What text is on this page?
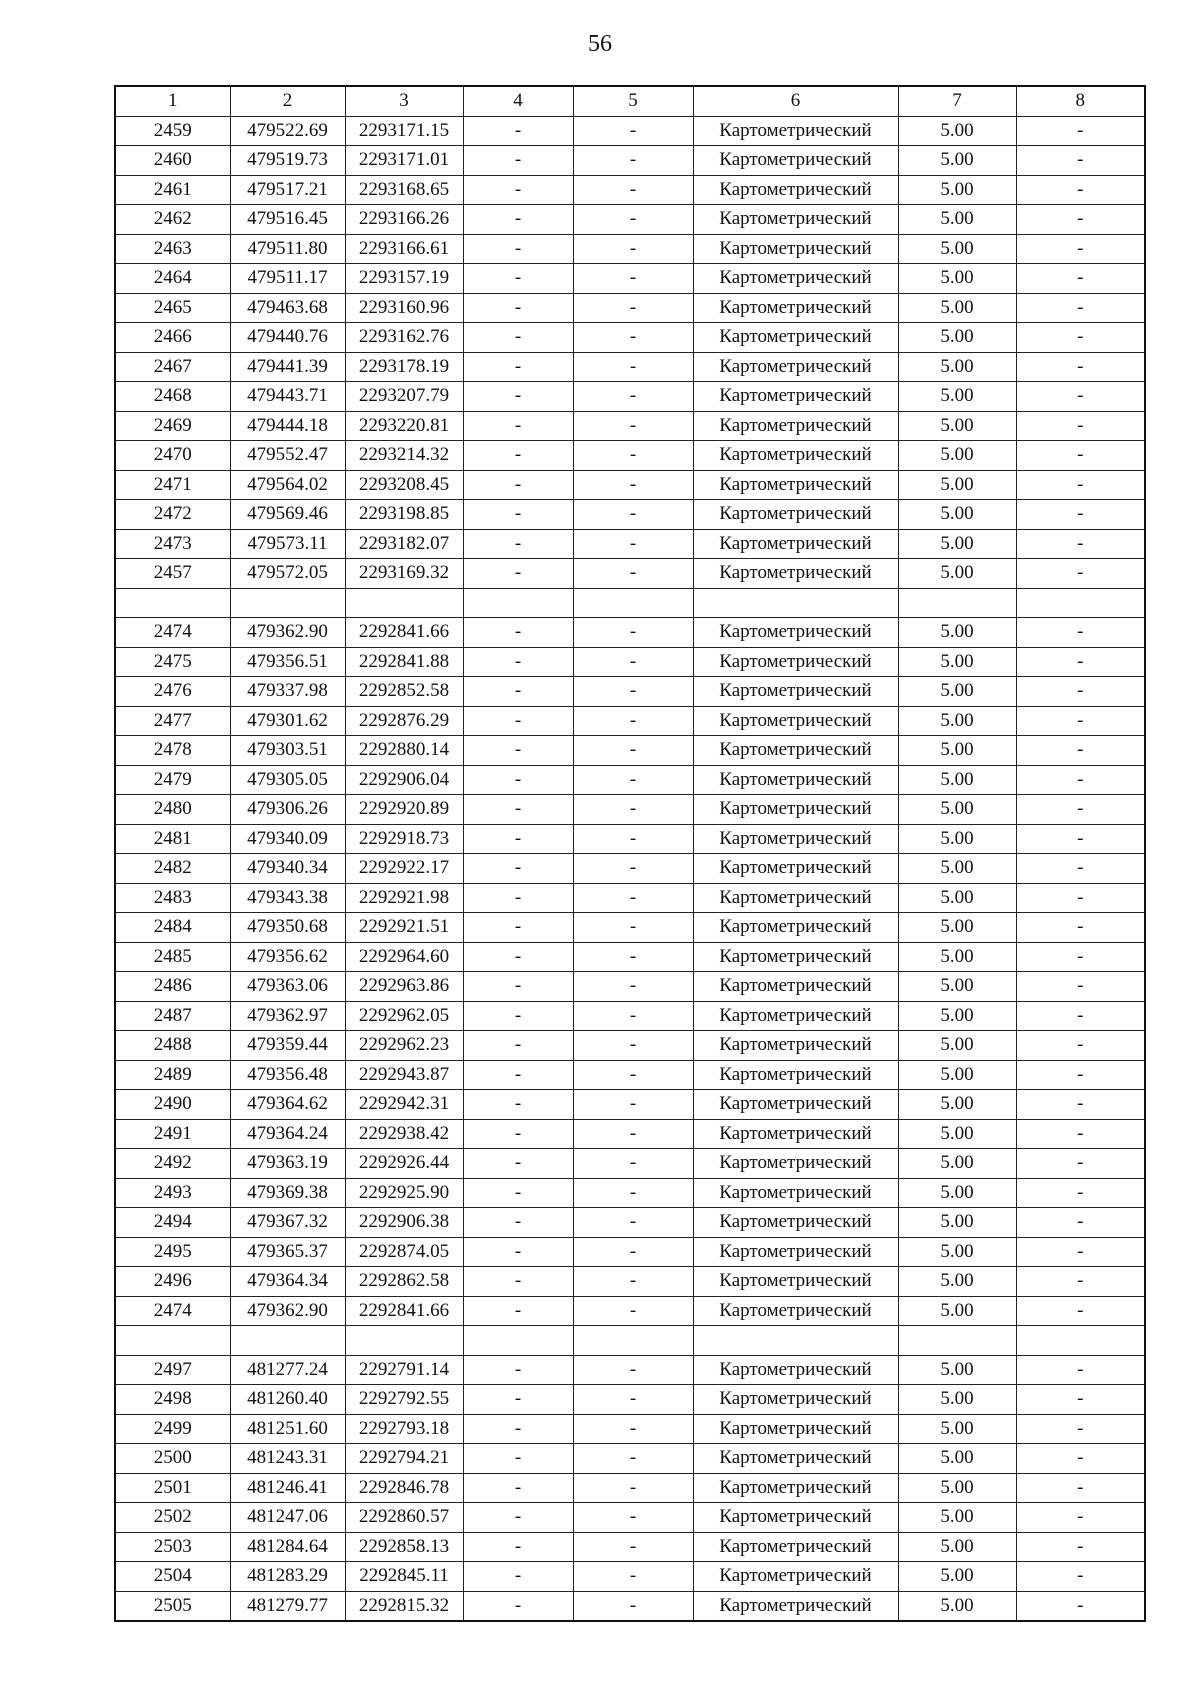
56
1	2	3	4	5	6	7	8
2459	479522.69	2293171.15	-	-	Картометрический	5.00	-
2460	479519.73	2293171.01	-	-	Картометрический	5.00	-
2461	479517.21	2293168.65	-	-	Картометрический	5.00	-
2462	479516.45	2293166.26	-	-	Картометрический	5.00	-
2463	479511.80	2293166.61	-	-	Картометрический	5.00	-
2464	479511.17	2293157.19	-	-	Картометрический	5.00	-
2465	479463.68	2293160.96	-	-	Картометрический	5.00	-
2466	479440.76	2293162.76	-	-	Картометрический	5.00	-
2467	479441.39	2293178.19	-	-	Картометрический	5.00	-
2468	479443.71	2293207.79	-	-	Картометрический	5.00	-
2469	479444.18	2293220.81	-	-	Картометрический	5.00	-
2470	479552.47	2293214.32	-	-	Картометрический	5.00	-
2471	479564.02	2293208.45	-	-	Картометрический	5.00	-
2472	479569.46	2293198.85	-	-	Картометрический	5.00	-
2473	479573.11	2293182.07	-	-	Картометрический	5.00	-
2457	479572.05	2293169.32	-	-	Картометрический	5.00	-

2474	479362.90	2292841.66	-	-	Картометрический	5.00	-
2475	479356.51	2292841.88	-	-	Картометрический	5.00	-
2476	479337.98	2292852.58	-	-	Картометрический	5.00	-
2477	479301.62	2292876.29	-	-	Картометрический	5.00	-
2478	479303.51	2292880.14	-	-	Картометрический	5.00	-
2479	479305.05	2292906.04	-	-	Картометрический	5.00	-
2480	479306.26	2292920.89	-	-	Картометрический	5.00	-
2481	479340.09	2292918.73	-	-	Картометрический	5.00	-
2482	479340.34	2292922.17	-	-	Картометрический	5.00	-
2483	479343.38	2292921.98	-	-	Картометрический	5.00	-
2484	479350.68	2292921.51	-	-	Картометрический	5.00	-
2485	479356.62	2292964.60	-	-	Картометрический	5.00	-
2486	479363.06	2292963.86	-	-	Картометрический	5.00	-
2487	479362.97	2292962.05	-	-	Картометрический	5.00	-
2488	479359.44	2292962.23	-	-	Картометрический	5.00	-
2489	479356.48	2292943.87	-	-	Картометрический	5.00	-
2490	479364.62	2292942.31	-	-	Картометрический	5.00	-
2491	479364.24	2292938.42	-	-	Картометрический	5.00	-
2492	479363.19	2292926.44	-	-	Картометрический	5.00	-
2493	479369.38	2292925.90	-	-	Картометрический	5.00	-
2494	479367.32	2292906.38	-	-	Картометрический	5.00	-
2495	479365.37	2292874.05	-	-	Картометрический	5.00	-
2496	479364.34	2292862.58	-	-	Картометрический	5.00	-
2474	479362.90	2292841.66	-	-	Картометрический	5.00	-

2497	481277.24	2292791.14	-	-	Картометрический	5.00	-
2498	481260.40	2292792.55	-	-	Картометрический	5.00	-
2499	481251.60	2292793.18	-	-	Картометрический	5.00	-
2500	481243.31	2292794.21	-	-	Картометрический	5.00	-
2501	481246.41	2292846.78	-	-	Картометрический	5.00	-
2502	481247.06	2292860.57	-	-	Картометрический	5.00	-
2503	481284.64	2292858.13	-	-	Картометрический	5.00	-
2504	481283.29	2292845.11	-	-	Картометрический	5.00	-
2505	481279.77	2292815.32	-	-	Картометрический	5.00	-
